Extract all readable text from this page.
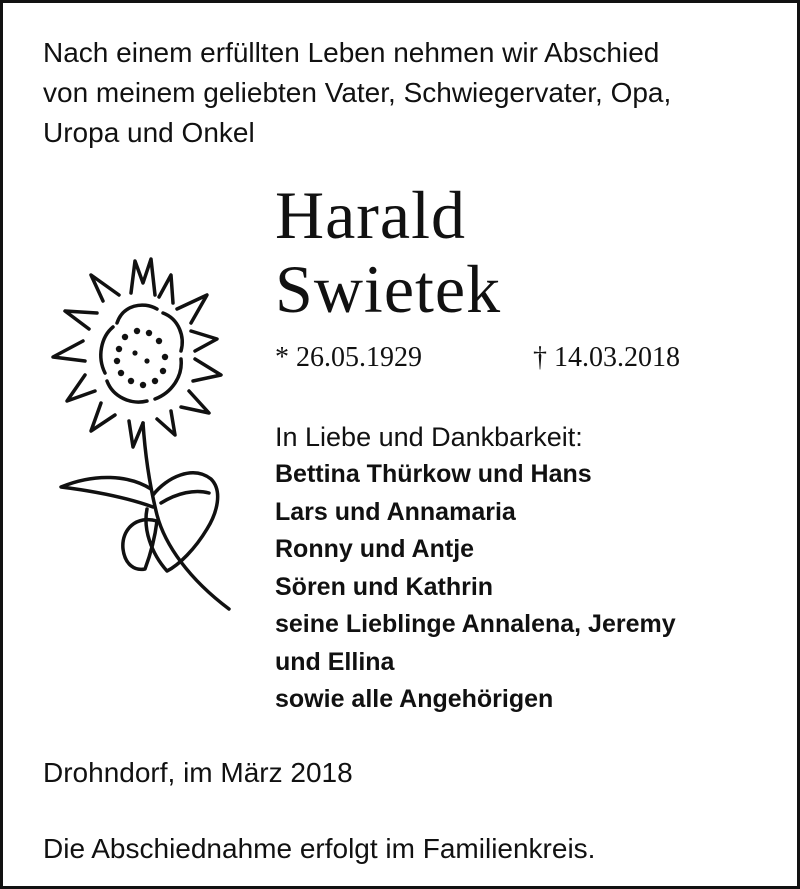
Nach einem erfüllten Leben nehmen wir Abschied
von meinem geliebten Vater, Schwiegervater, Opa,
Uropa und Onkel
Harald
Swietek
* 26.05.1929	† 14.03.2018
In Liebe und Dankbarkeit:
Bettina Thürkow und Hans
Lars und Annamaria
Ronny und Antje
Sören und Kathrin
seine Lieblinge Annalena, Jeremy
und Ellina
sowie alle Angehörigen
Drohndorf, im März 2018
Die Abschiednahme erfolgt im Familienkreis.
